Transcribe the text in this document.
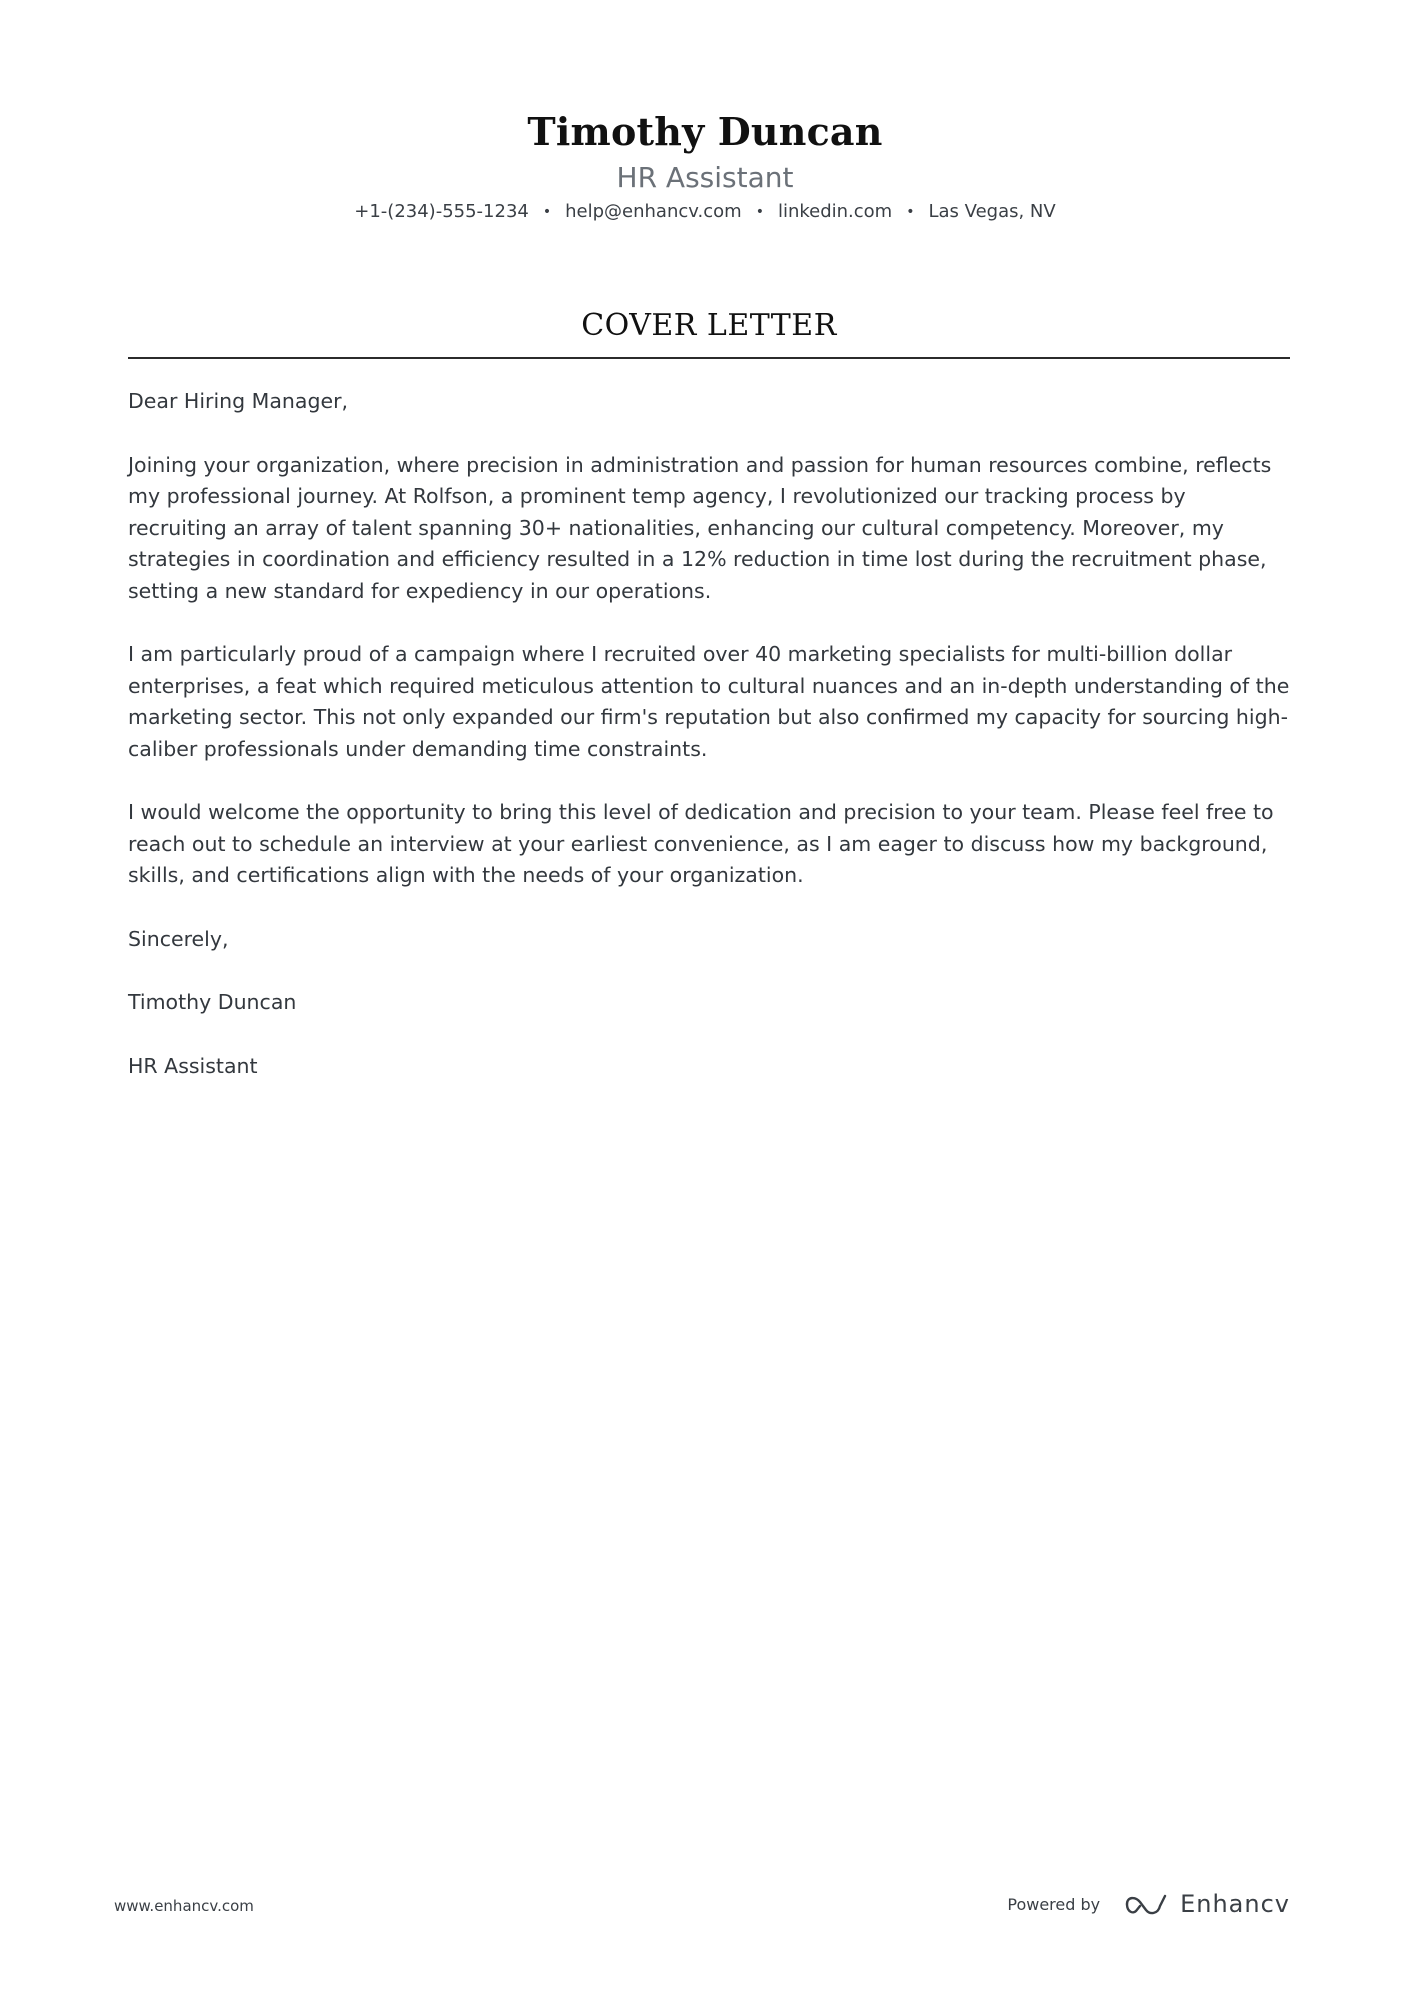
Timothy Duncan
HR Assistant
+1-(234)-555-1234 • help@enhancv.com • linkedin.com • Las Vegas, NV
COVER LETTER

Dear Hiring Manager,

Joining your organization, where precision in administration and passion for human resources combine, reflects my professional journey. At Rolfson, a prominent temp agency, I revolutionized our tracking process by recruiting an array of talent spanning 30+ nationalities, enhancing our cultural competency. Moreover, my strategies in coordination and efficiency resulted in a 12% reduction in time lost during the recruitment phase, setting a new standard for expediency in our operations.

I am particularly proud of a campaign where I recruited over 40 marketing specialists for multi-billion dollar enterprises, a feat which required meticulous attention to cultural nuances and an in-depth understanding of the marketing sector. This not only expanded our firm's reputation but also confirmed my capacity for sourcing high-caliber professionals under demanding time constraints.

I would welcome the opportunity to bring this level of dedication and precision to your team. Please feel free to reach out to schedule an interview at your earliest convenience, as I am eager to discuss how my background, skills, and certifications align with the needs of your organization.

Sincerely,

Timothy Duncan

HR Assistant

www.enhancv.com	Powered by	Enhancv
